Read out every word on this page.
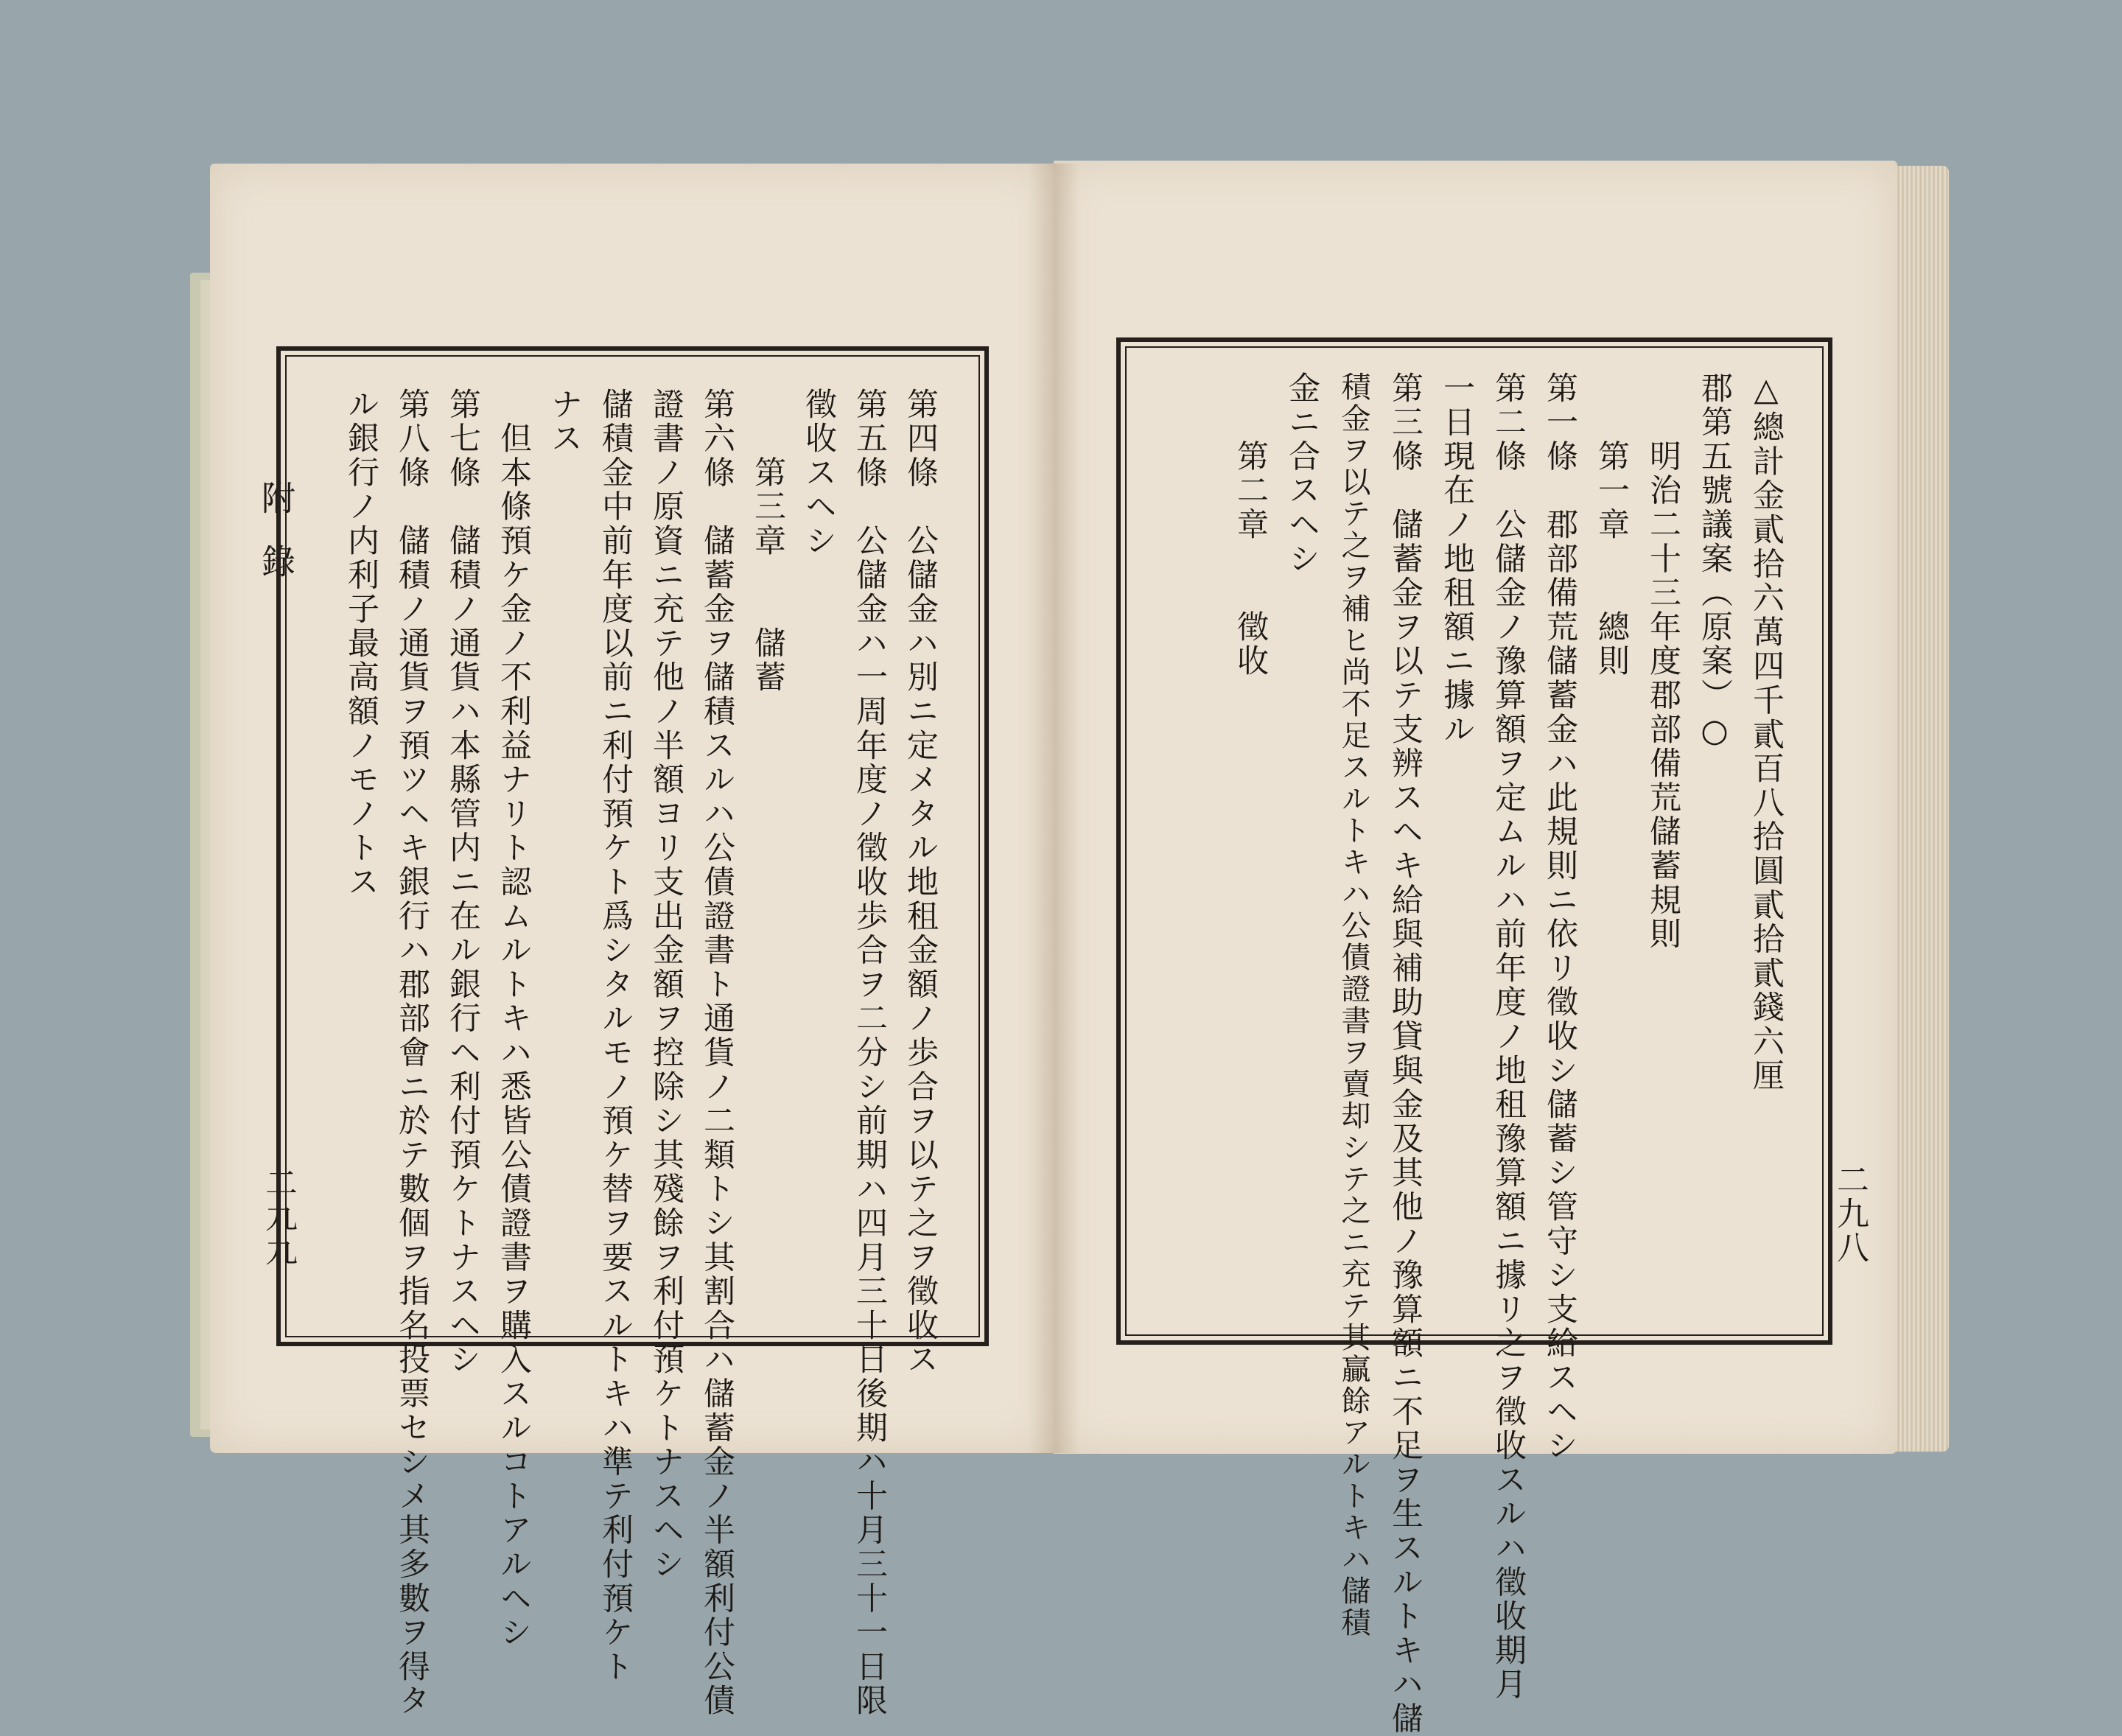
附錄
二九九	二九八
第四條　公儲金ハ別ニ定メタル地租金額ノ歩合ヲ以テ之ヲ徵收ス
第五條　公儲金ハ一周年度ノ徵收歩合ヲ二分シ前期ハ四月三十日後期ハ十月三十一日限
徵收スヘシ
　　第三章　　儲蓄
第六條　儲蓄金ヲ儲積スルハ公債證書ト通貨ノ二類トシ其割合ハ儲蓄金ノ半額利付公債
證書ノ原資ニ充テ他ノ半額ヨリ支出金額ヲ控除シ其殘餘ヲ利付預ケトナスヘシ
儲積金中前年度以前ニ利付預ケト爲シタルモノ預ケ替ヲ要スルトキハ準テ利付預ケト
ナス
　但本條預ケ金ノ不利益ナリト認ムルトキハ悉皆公債證書ヲ購入スルコトアルヘシ
第七條　儲積ノ通貨ハ本縣管内ニ在ル銀行ヘ利付預ケトナスヘシ
第八條　儲積ノ通貨ヲ預ツヘキ銀行ハ郡部會ニ於テ數個ヲ指名投票セシメ其多數ヲ得タ
ル銀行ノ内利子最高額ノモノトス	△總計金貳拾六萬四千貳百八拾圓貳拾貳錢六厘
郡第五號議案（原案）○
　　明治二十三年度郡部備荒儲蓄規則
　　第一章　　總則
第一條　郡部備荒儲蓄金ハ此規則ニ依リ徵收シ儲蓄シ管守シ支給スヘシ
第二條　公儲金ノ豫算額ヲ定ムルハ前年度ノ地租豫算額ニ據リ之ヲ徵收スルハ徵收期月
一日現在ノ地租額ニ據ル
第三條　儲蓄金ヲ以テ支辨スヘキ給與補助貸與金及其他ノ豫算額ニ不足ヲ生スルトキハ儲
積金ヲ以テ之ヲ補ヒ尚不足スルトキハ公債證書ヲ賣却シテ之ニ充テ其贏餘アルトキハ儲積
金ニ合スヘシ
　　第二章　　徵收
